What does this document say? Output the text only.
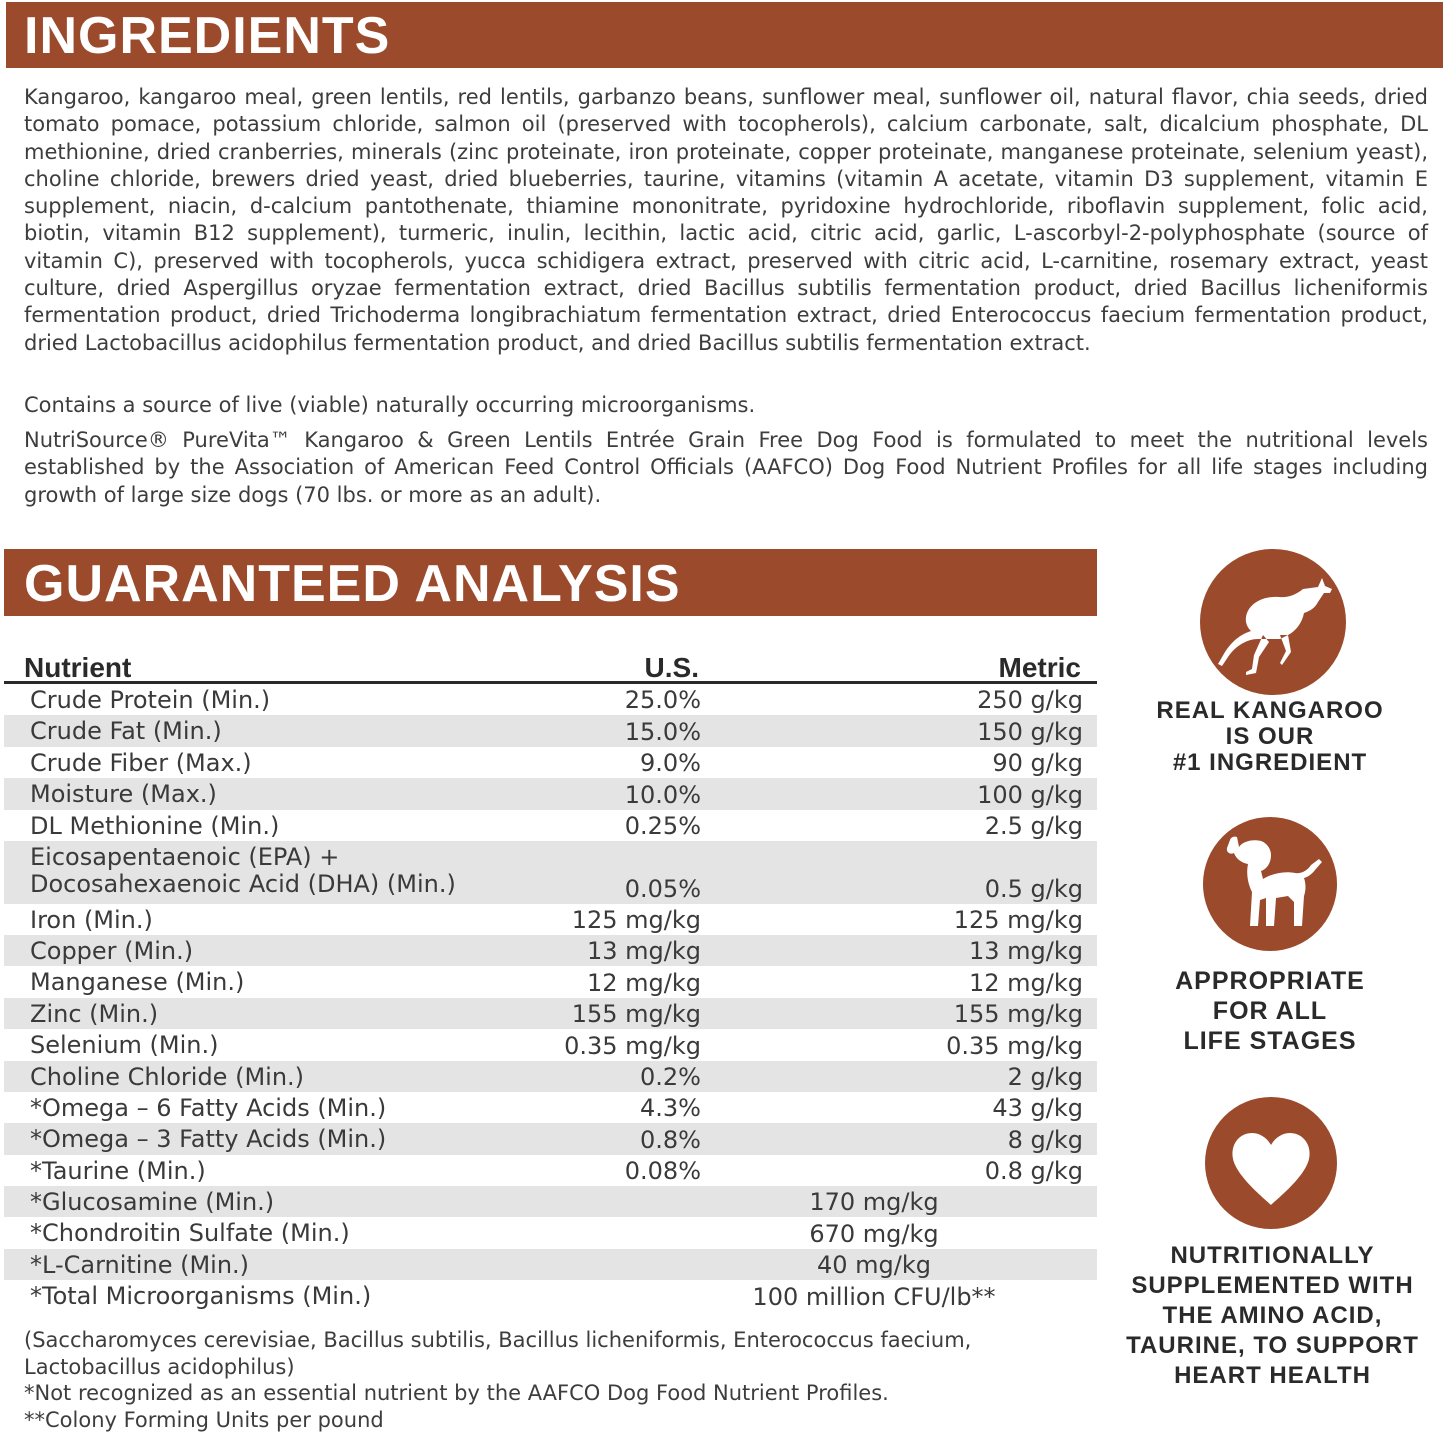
INGREDIENTS

Kangaroo, kangaroo meal, green lentils, red lentils, garbanzo beans, sunflower meal, sunflower oil, natural flavor, chia seeds, dried tomato pomace, potassium chloride, salmon oil (preserved with tocopherols), calcium carbonate, salt, dicalcium phosphate, DL methionine, dried cranberries, minerals (zinc proteinate, iron proteinate, copper proteinate, manganese proteinate, selenium yeast), choline chloride, brewers dried yeast, dried blueberries, taurine, vitamins (vitamin A acetate, vitamin D3 supplement, vitamin E supplement, niacin, d-calcium pantothenate, thiamine mononitrate, pyridoxine hydrochloride, riboflavin supplement, folic acid, biotin, vitamin B12 supplement), turmeric, inulin, lecithin, lactic acid, citric acid, garlic, L-ascorbyl-2-polyphosphate (source of vitamin C), preserved with tocopherols, yucca schidigera extract, preserved with citric acid, L-carnitine, rosemary extract, yeast culture, dried Aspergillus oryzae fermentation extract, dried Bacillus subtilis fermentation product, dried Bacillus licheniformis fermentation product, dried Trichoderma longibrachiatum fermentation extract, dried Enterococcus faecium fermentation product, dried Lactobacillus acidophilus fermentation product, and dried Bacillus subtilis fermentation extract.

Contains a source of live (viable) naturally occurring microorganisms.

NutriSource® PureVita™ Kangaroo & Green Lentils Entrée Grain Free Dog Food is formulated to meet the nutritional levels established by the Association of American Feed Control Officials (AAFCO) Dog Food Nutrient Profiles for all life stages including growth of large size dogs (70 lbs. or more as an adult).

GUARANTEED ANALYSIS
Nutrient	U.S.	Metric
Crude Protein (Min.)	25.0%	250 g/kg
Crude Fat (Min.)	15.0%	150 g/kg
Crude Fiber (Max.)	9.0%	90 g/kg
Moisture (Max.)	10.0%	100 g/kg
DL Methionine (Min.)	0.25%	2.5 g/kg
Eicosapentaenoic (EPA) + Docosahexaenoic Acid (DHA) (Min.)	0.05%	0.5 g/kg
Iron (Min.)	125 mg/kg	125 mg/kg
Copper (Min.)	13 mg/kg	13 mg/kg
Manganese (Min.)	12 mg/kg	12 mg/kg
Zinc (Min.)	155 mg/kg	155 mg/kg
Selenium (Min.)	0.35 mg/kg	0.35 mg/kg
Choline Chloride (Min.)	0.2%	2 g/kg
*Omega – 6 Fatty Acids (Min.)	4.3%	43 g/kg
*Omega – 3 Fatty Acids (Min.)	0.8%	8 g/kg
*Taurine (Min.)	0.08%	0.8 g/kg
*Glucosamine (Min.)	170 mg/kg
*Chondroitin Sulfate (Min.)	670 mg/kg
*L-Carnitine (Min.)	40 mg/kg
*Total Microorganisms (Min.)	100 million CFU/lb**

(Saccharomyces cerevisiae, Bacillus subtilis, Bacillus licheniformis, Enterococcus faecium, Lactobacillus acidophilus)

*Not recognized as an essential nutrient by the AAFCO Dog Food Nutrient Profiles.

**Colony Forming Units per pound

REAL KANGAROO
IS OUR
#1 INGREDIENT
APPROPRIATE
FOR ALL
LIFE STAGES
NUTRITIONALLY
SUPPLEMENTED WITH
THE AMINO ACID,
TAURINE, TO SUPPORT
HEART HEALTH
